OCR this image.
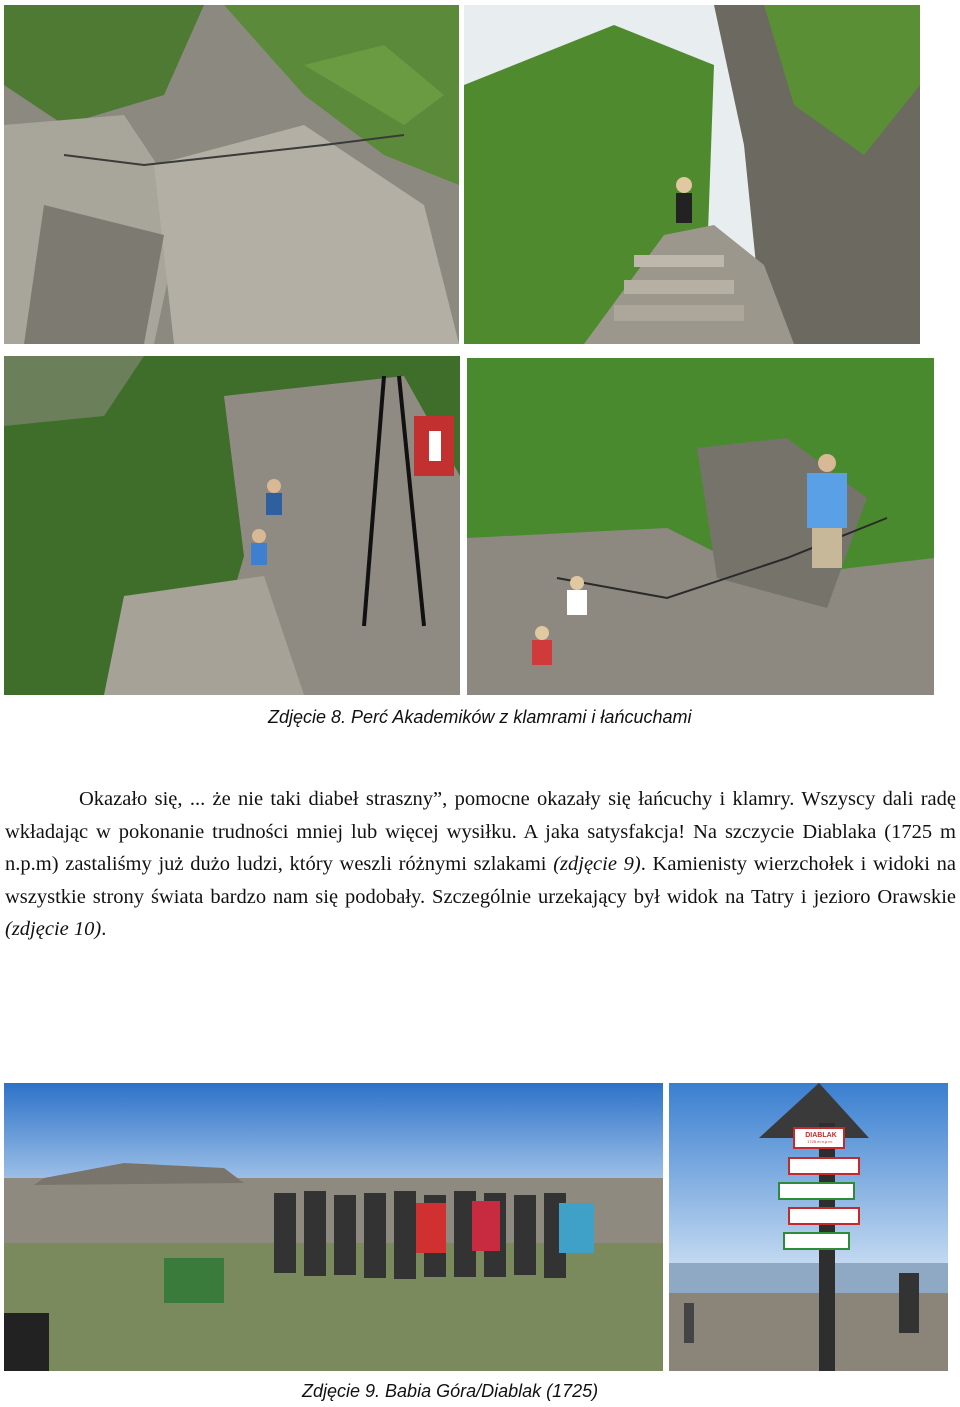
Zdjęcie 8. Perć Akademików z klamrami i łańcuchami

Okazało się, ... że nie taki diabeł straszny”, pomocne okazały się łańcuchy i klamry. Wszyscy dali radę wkładając w pokonanie trudności mniej lub więcej wysiłku. A jaka satysfakcja! Na szczycie Diablaka (1725 m n.p.m) zastaliśmy już dużo ludzi, który weszli różnymi szlakami (zdjęcie 9). Kamienisty wierzchołek i widoki na wszystkie strony świata bardzo nam się podobały. Szczególnie urzekający był widok na Tatry i jezioro Orawskie (zdjęcie 10).

DIABLAK
1725 m n.p.m.
Zdjęcie 9. Babia Góra/Diablak (1725)
